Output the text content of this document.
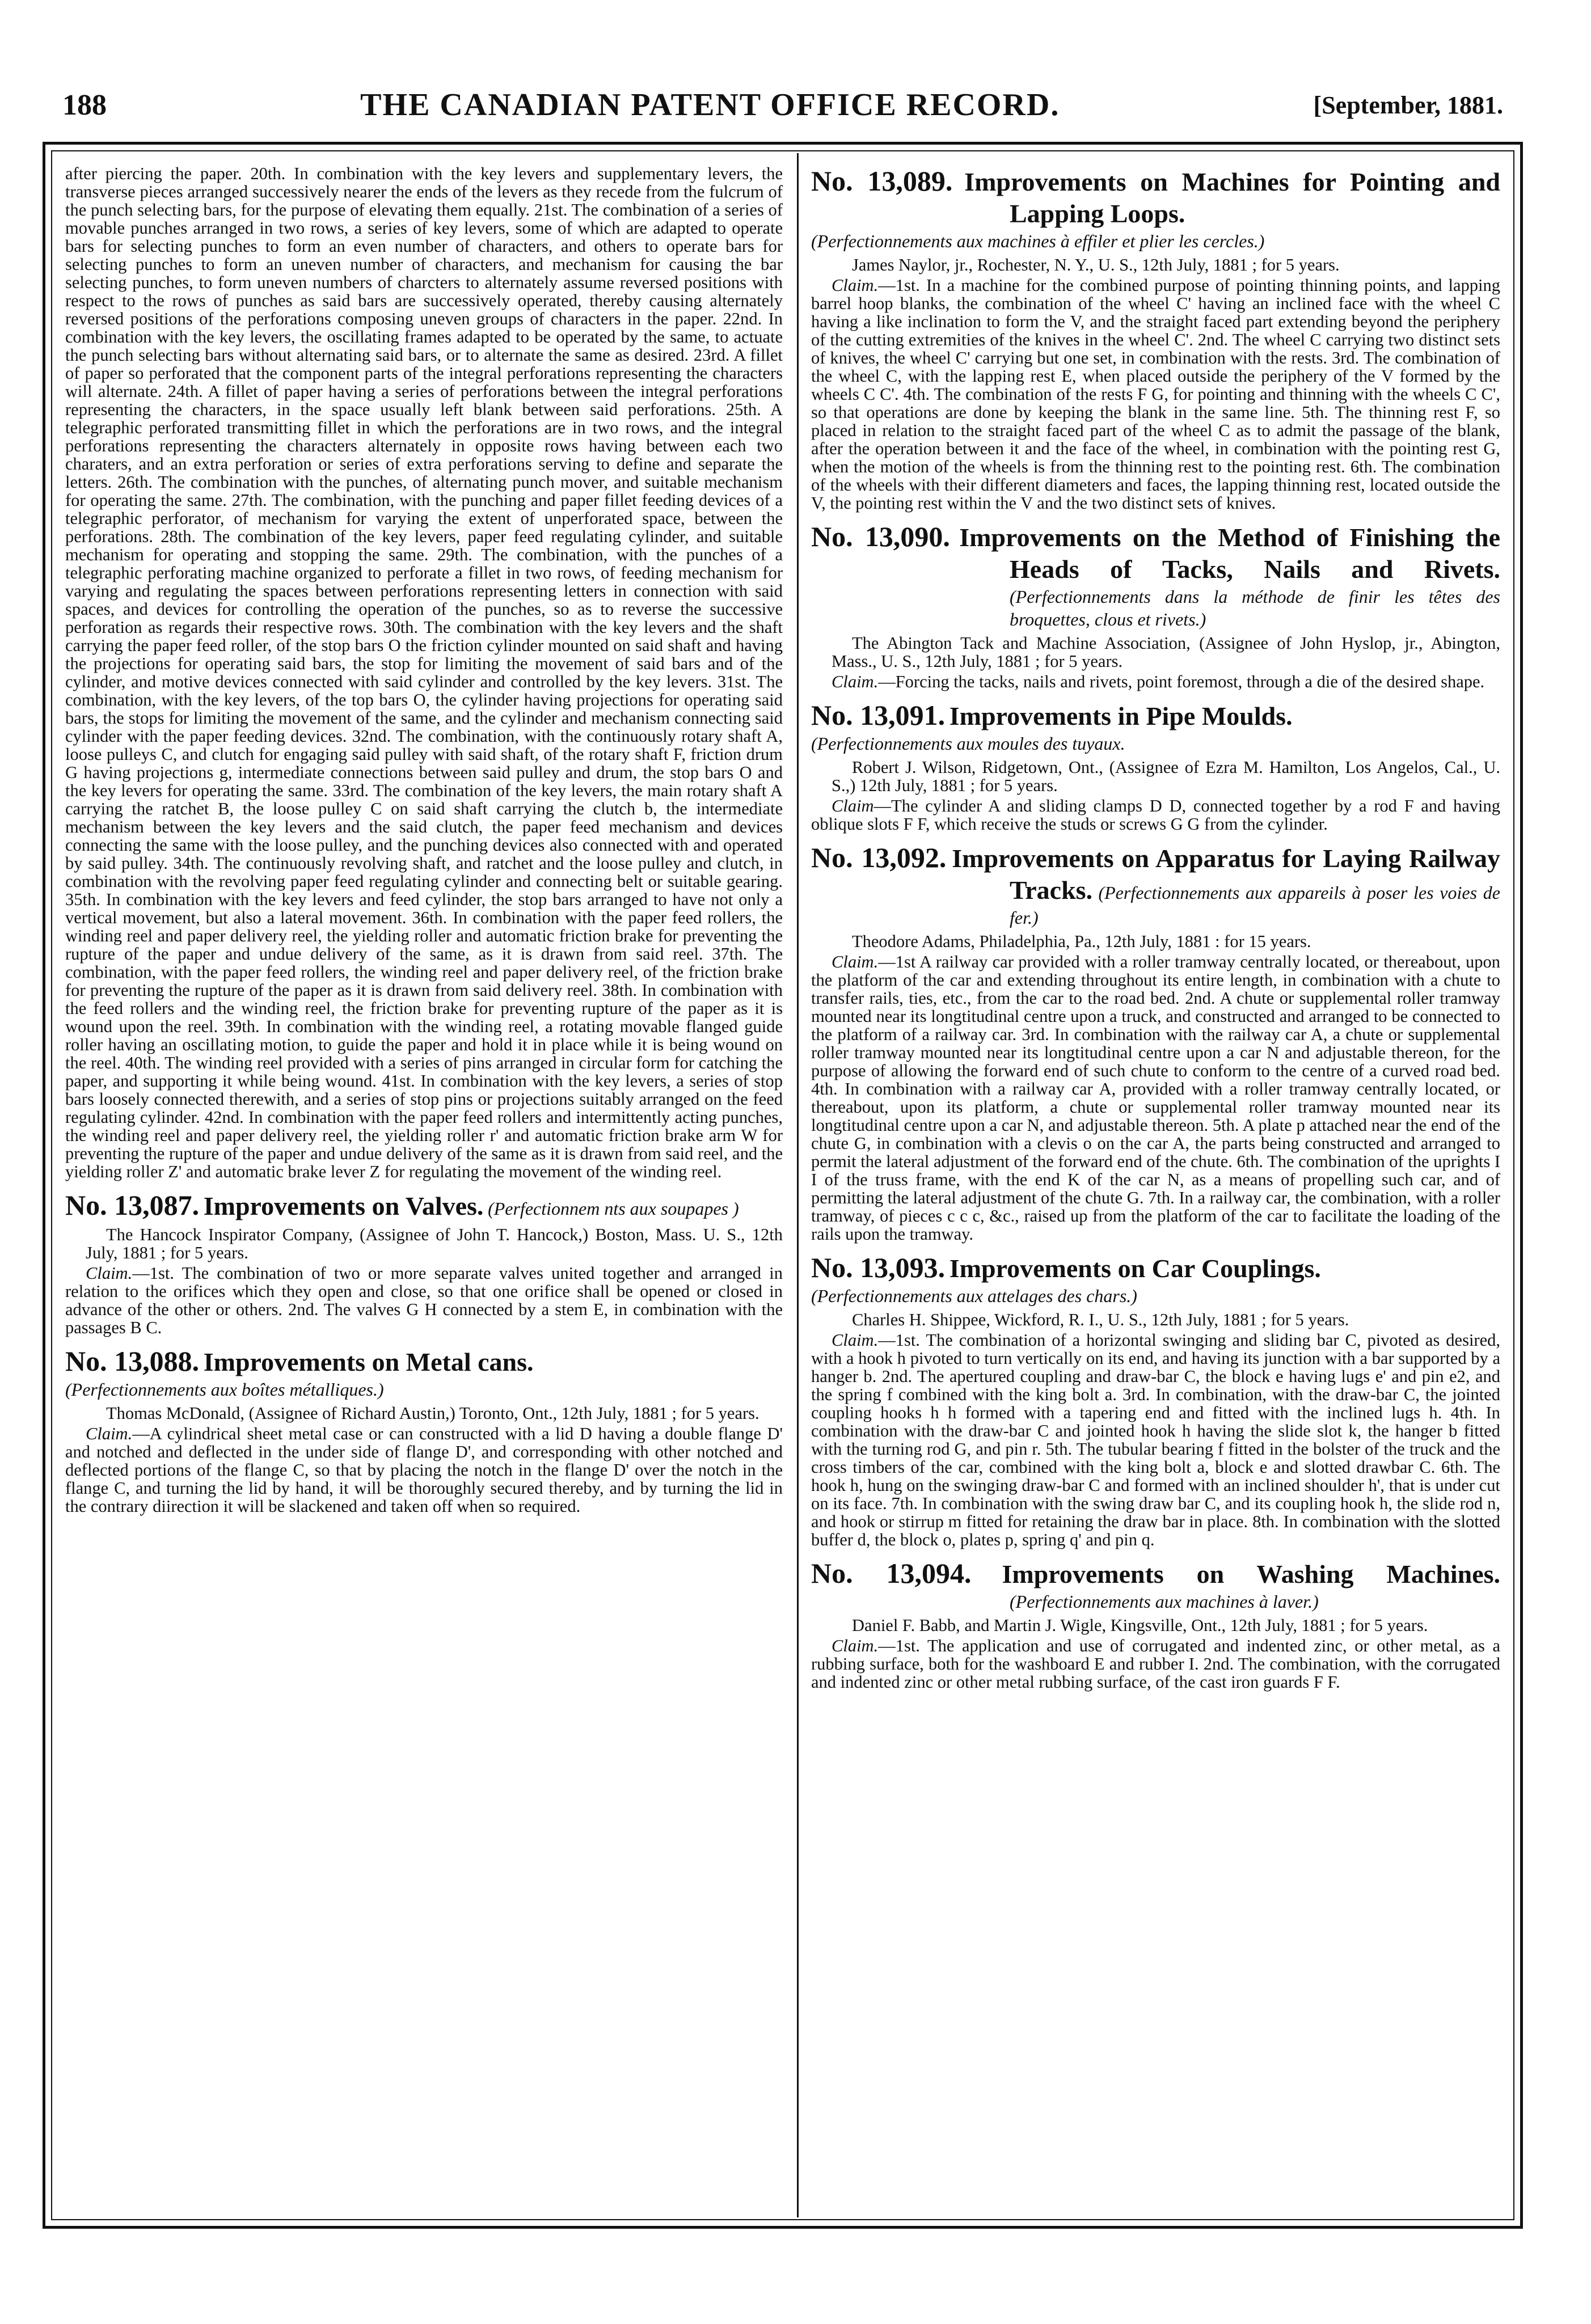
188	THE CANADIAN PATENT OFFICE RECORD.	[September, 1881.

after piercing the paper. 20th. In combination with the key levers and supplementary levers, the transverse pieces arranged successively nearer the ends of the levers as they recede from the fulcrum of the punch selecting bars, for the purpose of elevating them equally. 21st. The combination of a series of movable punches arranged in two rows, a series of key levers, some of which are adapted to operate bars for selecting punches to form an even number of characters, and others to operate bars for selecting punches to form an uneven number of characters, and mechanism for causing the bar selecting punches, to form uneven numbers of charcters to alternately assume reversed positions with respect to the rows of punches as said bars are successively operated, thereby causing alternately reversed positions of the perforations composing uneven groups of characters in the paper. 22nd. In combination with the key levers, the oscillating frames adapted to be operated by the same, to actuate the punch selecting bars without alternating said bars, or to alternate the same as desired. 23rd. A fillet of paper so perforated that the component parts of the integral perforations representing the characters will alternate. 24th. A fillet of paper having a series of perforations between the integral perforations representing the characters, in the space usually left blank between said perforations. 25th. A telegraphic perforated transmitting fillet in which the perforations are in two rows, and the integral perforations representing the characters alternately in opposite rows having between each two charaters, and an extra perforation or series of extra perforations serving to define and separate the letters. 26th. The combination with the punches, of alternating punch mover, and suitable mechanism for operating the same. 27th. The combination, with the punching and paper fillet feeding devices of a telegraphic perforator, of mechanism for varying the extent of unperforated space, between the perforations. 28th. The combination of the key levers, paper feed regulating cylinder, and suitable mechanism for operating and stopping the same. 29th. The combination, with the punches of a telegraphic perforating machine organized to perforate a fillet in two rows, of feeding mechanism for varying and regulating the spaces between perforations representing letters in connection with said spaces, and devices for controlling the operation of the punches, so as to reverse the successive perforation as regards their respective rows. 30th. The combination with the key levers and the shaft carrying the paper feed roller, of the stop bars O the friction cylinder mounted on said shaft and having the projections for operating said bars, the stop for limiting the movement of said bars and of the cylinder, and motive devices connected with said cylinder and controlled by the key levers. 31st. The combination, with the key levers, of the top bars O, the cylinder having projections for operating said bars, the stops for limiting the movement of the same, and the cylinder and mechanism connecting said cylinder with the paper feeding devices. 32nd. The combination, with the continuously rotary shaft A, loose pulleys C, and clutch for engaging said pulley with said shaft, of the rotary shaft F, friction drum G having projections g, intermediate connections between said pulley and drum, the stop bars O and the key levers for operating the same. 33rd. The combination of the key levers, the main rotary shaft A carrying the ratchet B, the loose pulley C on said shaft carrying the clutch b, the intermediate mechanism between the key levers and the said clutch, the paper feed mechanism and devices connecting the same with the loose pulley, and the punching devices also connected with and operated by said pulley. 34th. The continuously revolving shaft, and ratchet and the loose pulley and clutch, in combination with the revolving paper feed regulating cylinder and connecting belt or suitable gearing. 35th. In combination with the key levers and feed cylinder, the stop bars arranged to have not only a vertical movement, but also a lateral movement. 36th. In combination with the paper feed rollers, the winding reel and paper delivery reel, the yielding roller and automatic friction brake for preventing the rupture of the paper and undue delivery of the same, as it is drawn from said reel. 37th. The combination, with the paper feed rollers, the winding reel and paper delivery reel, of the friction brake for preventing the rupture of the paper as it is drawn from said delivery reel. 38th. In combination with the feed rollers and the winding reel, the friction brake for preventing rupture of the paper as it is wound upon the reel. 39th. In combination with the winding reel, a rotating movable flanged guide roller having an oscillating motion, to guide the paper and hold it in place while it is being wound on the reel. 40th. The winding reel provided with a series of pins arranged in circular form for catching the paper, and supporting it while being wound. 41st. In combination with the key levers, a series of stop bars loosely connected therewith, and a series of stop pins or projections suitably arranged on the feed regulating cylinder. 42nd. In combination with the paper feed rollers and intermittently acting punches, the winding reel and paper delivery reel, the yielding roller r' and automatic friction brake arm W for preventing the rupture of the paper and undue delivery of the same as it is drawn from said reel, and the yielding roller Z' and automatic brake lever Z for regulating the movement of the winding reel.

No. 13,087. Improvements on Valves. (Perfectionnem nts aux soupapes )

The Hancock Inspirator Company, (Assignee of John T. Hancock,) Boston, Mass. U. S., 12th July, 1881 ; for 5 years.

Claim.—1st. The combination of two or more separate valves united together and arranged in relation to the orifices which they open and close, so that one orifice shall be opened or closed in advance of the other or others. 2nd. The valves G H connected by a stem E, in combination with the passages B C.

No. 13,088. Improvements on Metal cans.
(Perfectionnements aux boîtes métalliques.)

Thomas McDonald, (Assignee of Richard Austin,) Toronto, Ont., 12th July, 1881 ; for 5 years.

Claim.—A cylindrical sheet metal case or can constructed with a lid D having a double flange D' and notched and deflected in the under side of flange D', and corresponding with other notched and deflected portions of the flange C, so that by placing the notch in the flange D' over the notch in the flange C, and turning the lid by hand, it will be thoroughly secured thereby, and by turning the lid in the contrary diirection it will be slackened and taken off when so required.

No. 13,089. Improvements on Machines for Pointing and Lapping Loops.
(Perfectionnements aux machines à effiler et plier les cercles.)

James Naylor, jr., Rochester, N. Y., U. S., 12th July, 1881 ; for 5 years.

Claim.—1st. In a machine for the combined purpose of pointing thinning points, and lapping barrel hoop blanks, the combination of the wheel C' having an inclined face with the wheel C having a like inclination to form the V, and the straight faced part extending beyond the periphery of the cutting extremities of the knives in the wheel C'. 2nd. The wheel C carrying two distinct sets of knives, the wheel C' carrying but one set, in combination with the rests. 3rd. The combination of the wheel C, with the lapping rest E, when placed outside the periphery of the V formed by the wheels C C'. 4th. The combination of the rests F G, for pointing and thinning with the wheels C C', so that operations are done by keeping the blank in the same line. 5th. The thinning rest F, so placed in relation to the straight faced part of the wheel C as to admit the passage of the blank, after the operation between it and the face of the wheel, in combination with the pointing rest G, when the motion of the wheels is from the thinning rest to the pointing rest. 6th. The combination of the wheels with their different diameters and faces, the lapping thinning rest, located outside the V, the pointing rest within the V and the two distinct sets of knives.

No. 13,090. Improvements on the Method of Finishing the Heads of Tacks, Nails and Rivets. (Perfectionnements dans la méthode de finir les têtes des broquettes, clous et rivets.)

The Abington Tack and Machine Association, (Assignee of John Hyslop, jr., Abington, Mass., U. S., 12th July, 1881 ; for 5 years.

Claim.—Forcing the tacks, nails and rivets, point foremost, through a die of the desired shape.

No. 13,091. Improvements in Pipe Moulds.
(Perfectionnements aux moules des tuyaux.

Robert J. Wilson, Ridgetown, Ont., (Assignee of Ezra M. Hamilton, Los Angelos, Cal., U. S.,) 12th July, 1881 ; for 5 years.

Claim—The cylinder A and sliding clamps D D, connected together by a rod F and having oblique slots F F, which receive the studs or screws G G from the cylinder.

No. 13,092. Improvements on Apparatus for Laying Railway Tracks. (Perfectionnements aux appareils à poser les voies de fer.)

Theodore Adams, Philadelphia, Pa., 12th July, 1881 : for 15 years.

Claim.—1st A railway car provided with a roller tramway centrally located, or thereabout, upon the platform of the car and extending throughout its entire length, in combination with a chute to transfer rails, ties, etc., from the car to the road bed. 2nd. A chute or supplemental roller tramway mounted near its longtitudinal centre upon a truck, and constructed and arranged to be connected to the platform of a railway car. 3rd. In combination with the railway car A, a chute or supplemental roller tramway mounted near its longtitudinal centre upon a car N and adjustable thereon, for the purpose of allowing the forward end of such chute to conform to the centre of a curved road bed. 4th. In combination with a railway car A, provided with a roller tramway centrally located, or thereabout, upon its platform, a chute or supplemental roller tramway mounted near its longtitudinal centre upon a car N, and adjustable thereon. 5th. A plate p attached near the end of the chute G, in combination with a clevis o on the car A, the parts being constructed and arranged to permit the lateral adjustment of the forward end of the chute. 6th. The combination of the uprights I I of the truss frame, with the end K of the car N, as a means of propelling such car, and of permitting the lateral adjustment of the chute G. 7th. In a railway car, the combination, with a roller tramway, of pieces c c c, &c., raised up from the platform of the car to facilitate the loading of the rails upon the tramway.

No. 13,093. Improvements on Car Couplings.
(Perfectionnements aux attelages des chars.)

Charles H. Shippee, Wickford, R. I., U. S., 12th July, 1881 ; for 5 years.

Claim.—1st. The combination of a horizontal swinging and sliding bar C, pivoted as desired, with a hook h pivoted to turn vertically on its end, and having its junction with a bar supported by a hanger b. 2nd. The apertured coupling and draw-bar C, the block e having lugs e' and pin e2, and the spring f combined with the king bolt a. 3rd. In combination, with the draw-bar C, the jointed coupling hooks h h formed with a tapering end and fitted with the inclined lugs h. 4th. In combination with the draw-bar C and jointed hook h having the slide slot k, the hanger b fitted with the turning rod G, and pin r. 5th. The tubular bearing f fitted in the bolster of the truck and the cross timbers of the car, combined with the king bolt a, block e and slotted drawbar C. 6th. The hook h, hung on the swinging draw-bar C and formed with an inclined shoulder h', that is under cut on its face. 7th. In combination with the swing draw bar C, and its coupling hook h, the slide rod n, and hook or stirrup m fitted for retaining the draw bar in place. 8th. In combination with the slotted buffer d, the block o, plates p, spring q' and pin q.

No. 13,094. Improvements on Washing Machines. (Perfectionnements aux machines à laver.)

Daniel F. Babb, and Martin J. Wigle, Kingsville, Ont., 12th July, 1881 ; for 5 years.

Claim.—1st. The application and use of corrugated and indented zinc, or other metal, as a rubbing surface, both for the washboard E and rubber I. 2nd. The combination, with the corrugated and indented zinc or other metal rubbing surface, of the cast iron guards F F.
